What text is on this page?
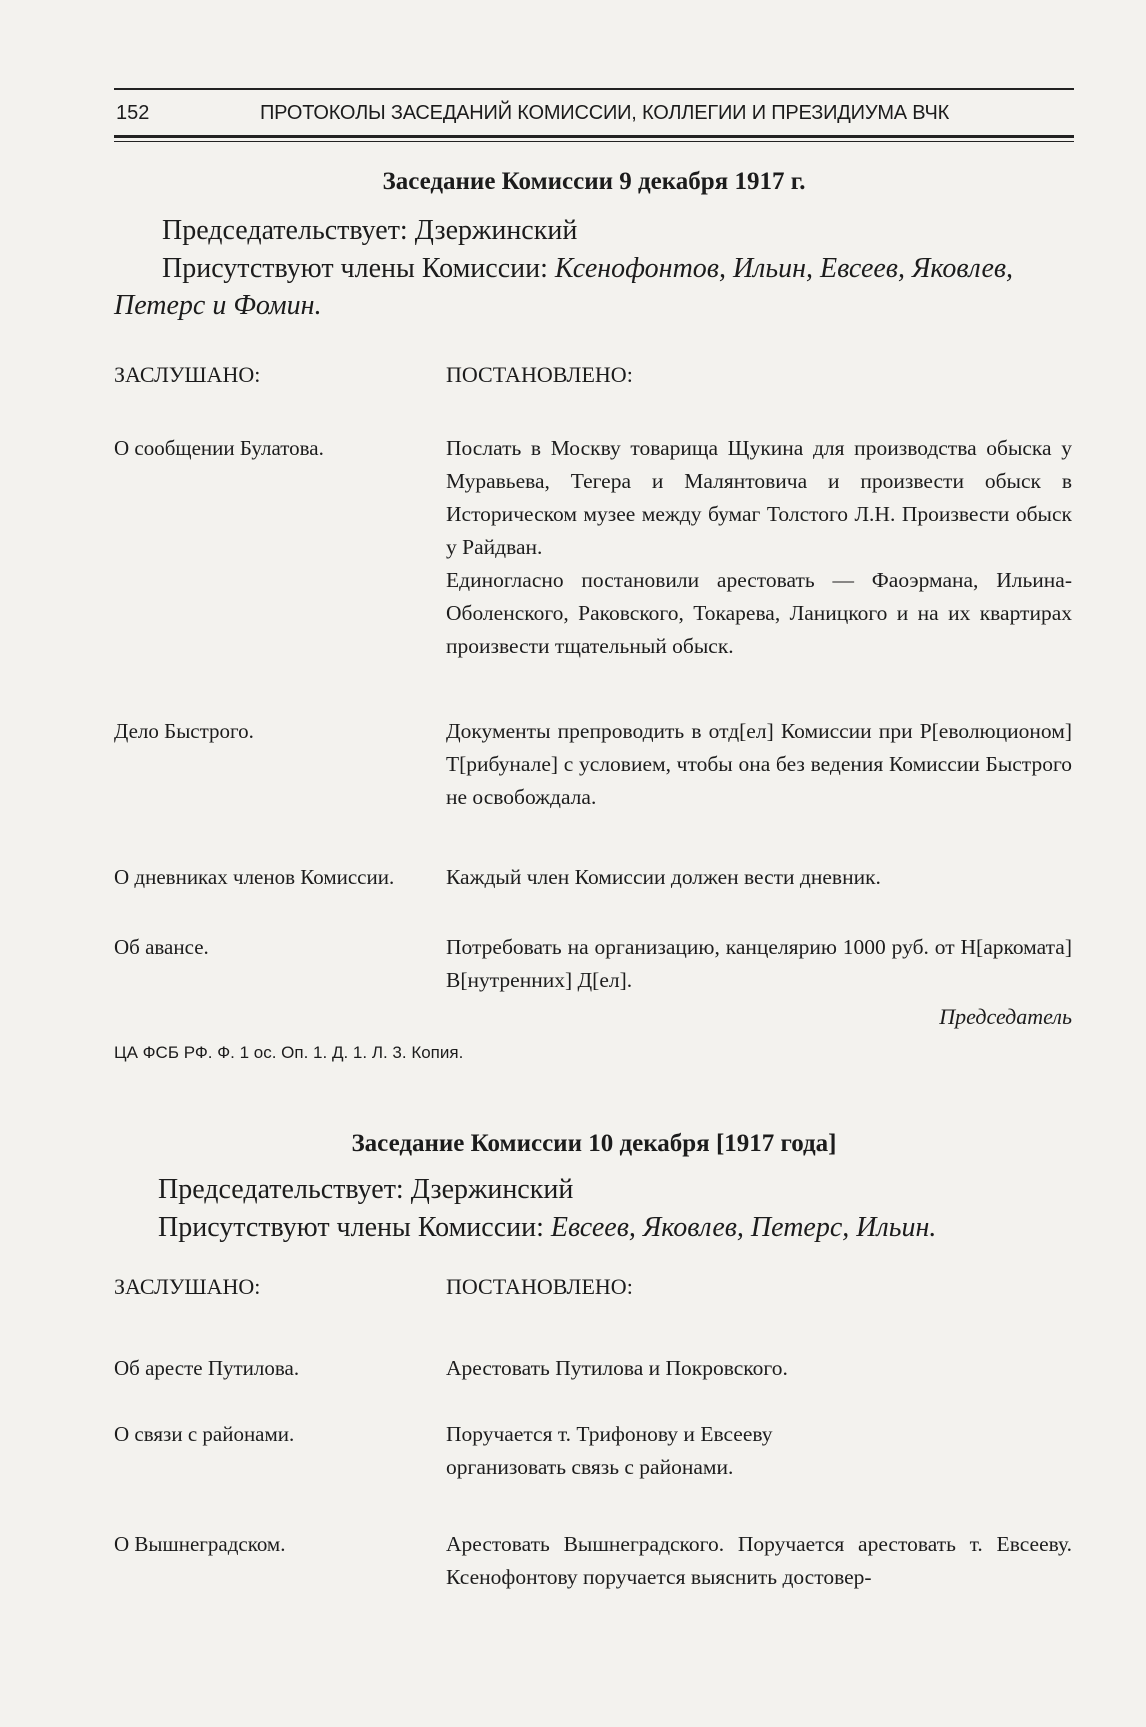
152	ПРОТОКОЛЫ ЗАСЕДАНИЙ КОМИССИИ, КОЛЛЕГИИ И ПРЕЗИДИУМА ВЧК
Заседание Комиссии 9 декабря 1917 г.
Председательствует: Дзержинский
Присутствуют члены Комиссии: Ксенофонтов, Ильин, Евсеев, Яковлев,
Петерс и Фомин.
ЗАСЛУШАНО:	ПОСТАНОВЛЕНО:
О сообщении Булатова.	Послать в Москву товарища Щукина для производства обыска у Муравьева, Тегера и Малянтовича и произвести обыск в Историческом музее между бумаг Толстого Л.Н. Произвести обыск у Райдван.

Единогласно постановили арестовать — Фаоэрмана, Ильина-Оболенского, Раковского, Токарева, Ланицкого и на их квартирах произвести тщательный обыск.

Дело Быстрого.	Документы препроводить в отд[ел] Комиссии при Р[еволюционом] Т[рибунале] с условием, чтобы она без ведения Комиссии Быстрого не освобождала.
О дневниках членов Комиссии.	Каждый член Комиссии должен вести дневник.
Об авансе.	Потребовать на организацию, канцелярию 1000 руб. от Н[аркомата] В[нутренних] Д[ел].
Председатель
ЦА ФСБ РФ. Ф. 1 ос. Оп. 1. Д. 1. Л. 3. Копия.
Заседание Комиссии 10 декабря [1917 года]
Председательствует: Дзержинский
Присутствуют члены Комиссии: Евсеев, Яковлев, Петерс, Ильин.
ЗАСЛУШАНО:	ПОСТАНОВЛЕНО:
Об аресте Путилова.	Арестовать Путилова и Покровского.
О связи с районами.	Поручается т. Трифонову и Евсееву организовать связь с районами.
О Вышнеградском.	Арестовать Вышнеградского. Поручается арестовать т. Евсееву. Ксенофонтову поручается выяснить достовер-
